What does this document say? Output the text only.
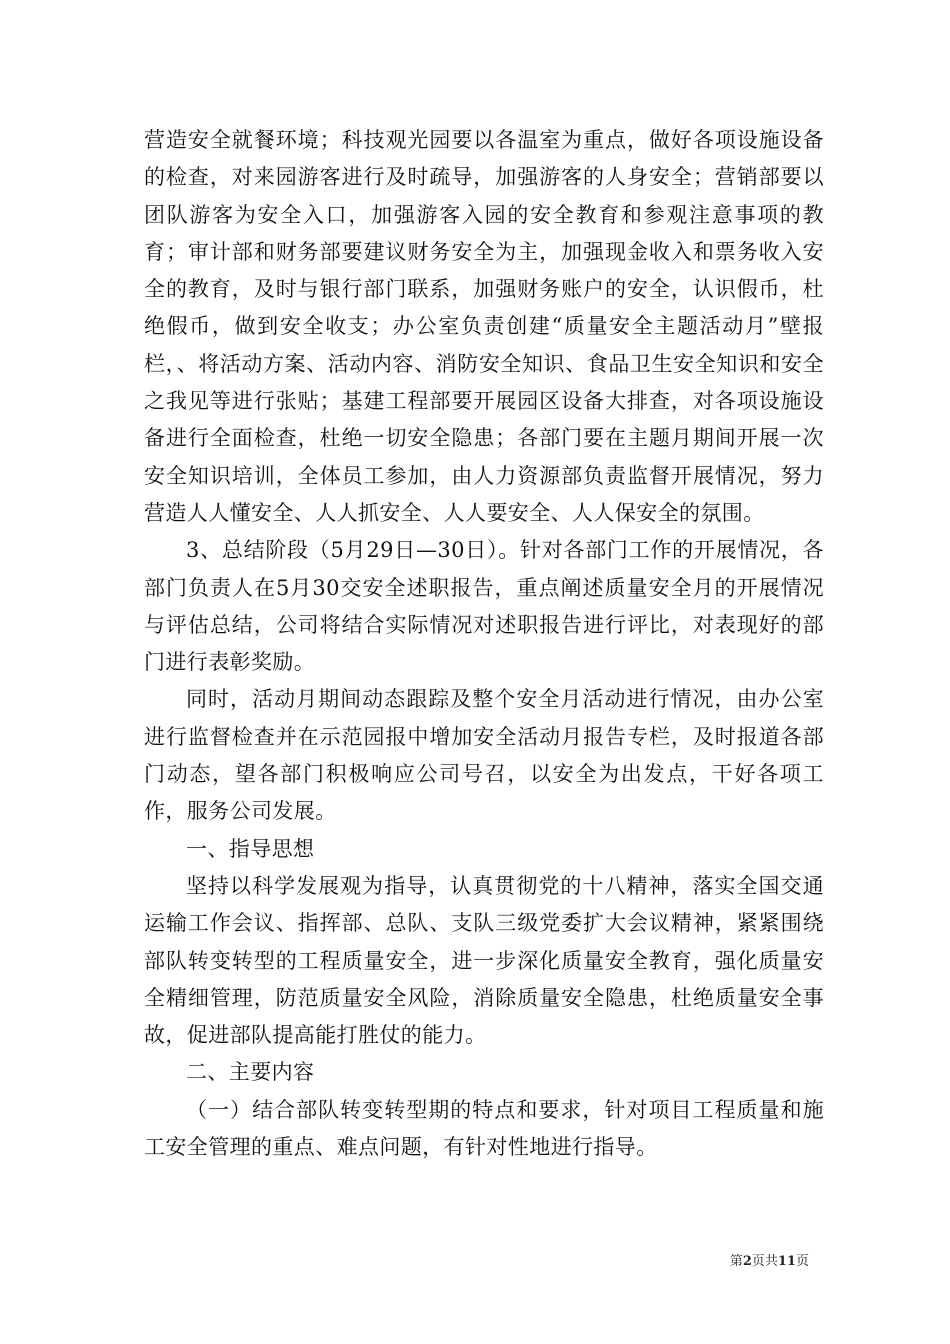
营造安全就餐环境；科技观光园要以各温室为重点，做好各项设施设备的检查，对来园游客进行及时疏导，加强游客的人身安全；营销部要以团队游客为安全入口，加强游客入园的安全教育和参观注意事项的教育；审计部和财务部要建议财务安全为主，加强现金收入和票务收入安全的教育，及时与银行部门联系，加强财务账户的安全，认识假币，杜绝假币，做到安全收支；办公室负责创建“质量安全主题活动月”壁报栏，、将活动方案、活动内容、消防安全知识、食品卫生安全知识和安全之我见等进行张贴；基建工程部要开展园区设备大排查，对各项设施设备进行全面检查，杜绝一切安全隐患；各部门要在主题月期间开展一次安全知识培训，全体员工参加，由人力资源部负责监督开展情况，努力营造人人懂安全、人人抓安全、人人要安全、人人保安全的氛围。

3、总结阶段（5月29日—30日）。针对各部门工作的开展情况，各部门负责人在5月30交安全述职报告，重点阐述质量安全月的开展情况与评估总结，公司将结合实际情况对述职报告进行评比，对表现好的部门进行表彰奖励。

同时，活动月期间动态跟踪及整个安全月活动进行情况，由办公室进行监督检查并在示范园报中增加安全活动月报告专栏，及时报道各部门动态，望各部门积极响应公司号召，以安全为出发点，干好各项工作，服务公司发展。

一、指导思想

坚持以科学发展观为指导，认真贯彻党的十八精神，落实全国交通运输工作会议、指挥部、总队、支队三级党委扩大会议精神，紧紧围绕部队转变转型的工程质量安全，进一步深化质量安全教育，强化质量安全精细管理，防范质量安全风险，消除质量安全隐患，杜绝质量安全事故，促进部队提高能打胜仗的能力。

二、主要内容

（一）结合部队转变转型期的特点和要求，针对项目工程质量和施工安全管理的重点、难点问题，有针对性地进行指导。

第2页共11页
